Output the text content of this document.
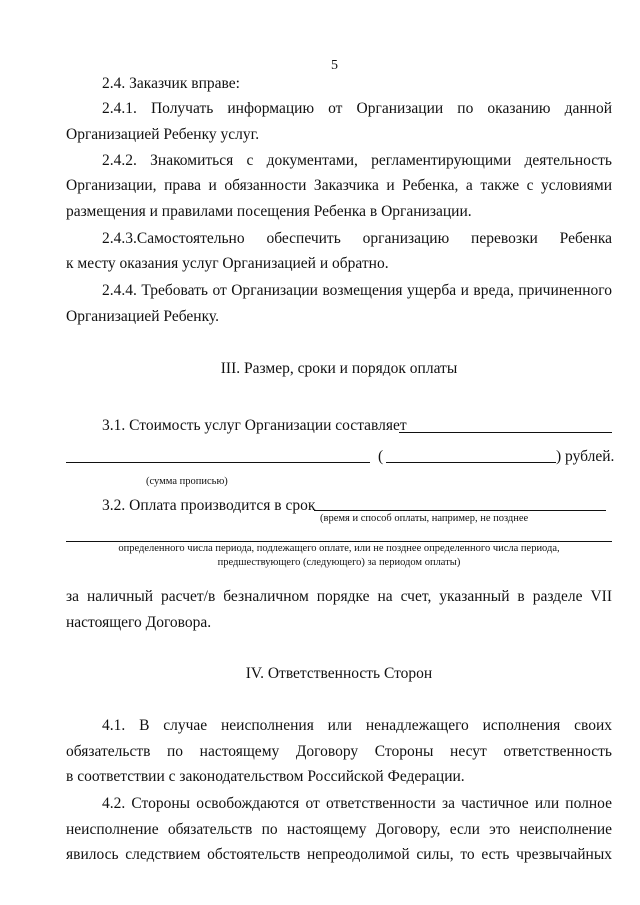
5
2.4. Заказчик вправе:
2.4.1. Получать информацию от Организации по оказанию данной
Организацией Ребенку услуг.
2.4.2. Знакомиться с документами, регламентирующими деятельность
Организации, права и обязанности Заказчика и Ребенка, а также с условиями
размещения и правилами посещения Ребенка в Организации.
2.4.3.Самостоятельно обеспечить организацию перевозки Ребенка
к месту оказания услуг Организацией и обратно.
2.4.4. Требовать от Организации возмещения ущерба и вреда, причиненного
Организацией Ребенку.
III. Размер, сроки и порядок оплаты
3.1. Стоимость услуг Организации составляет
(	) рублей.
(сумма прописью)
3.2. Оплата производится в срок
(время и способ оплаты, например, не позднее
определенного числа периода, подлежащего оплате, или не позднее определенного числа периода,
предшествующего (следующего) за периодом оплаты)
за наличный расчет/в безналичном порядке на счет, указанный в разделе VII
настоящего Договора.
IV. Ответственность Сторон
4.1. В случае неисполнения или ненадлежащего исполнения своих
обязательств по настоящему Договору Стороны несут ответственность
в соответствии с законодательством Российской Федерации.
4.2. Стороны освобождаются от ответственности за частичное или полное
неисполнение обязательств по настоящему Договору, если это неисполнение
явилось следствием обстоятельств непреодолимой силы, то есть чрезвычайных
